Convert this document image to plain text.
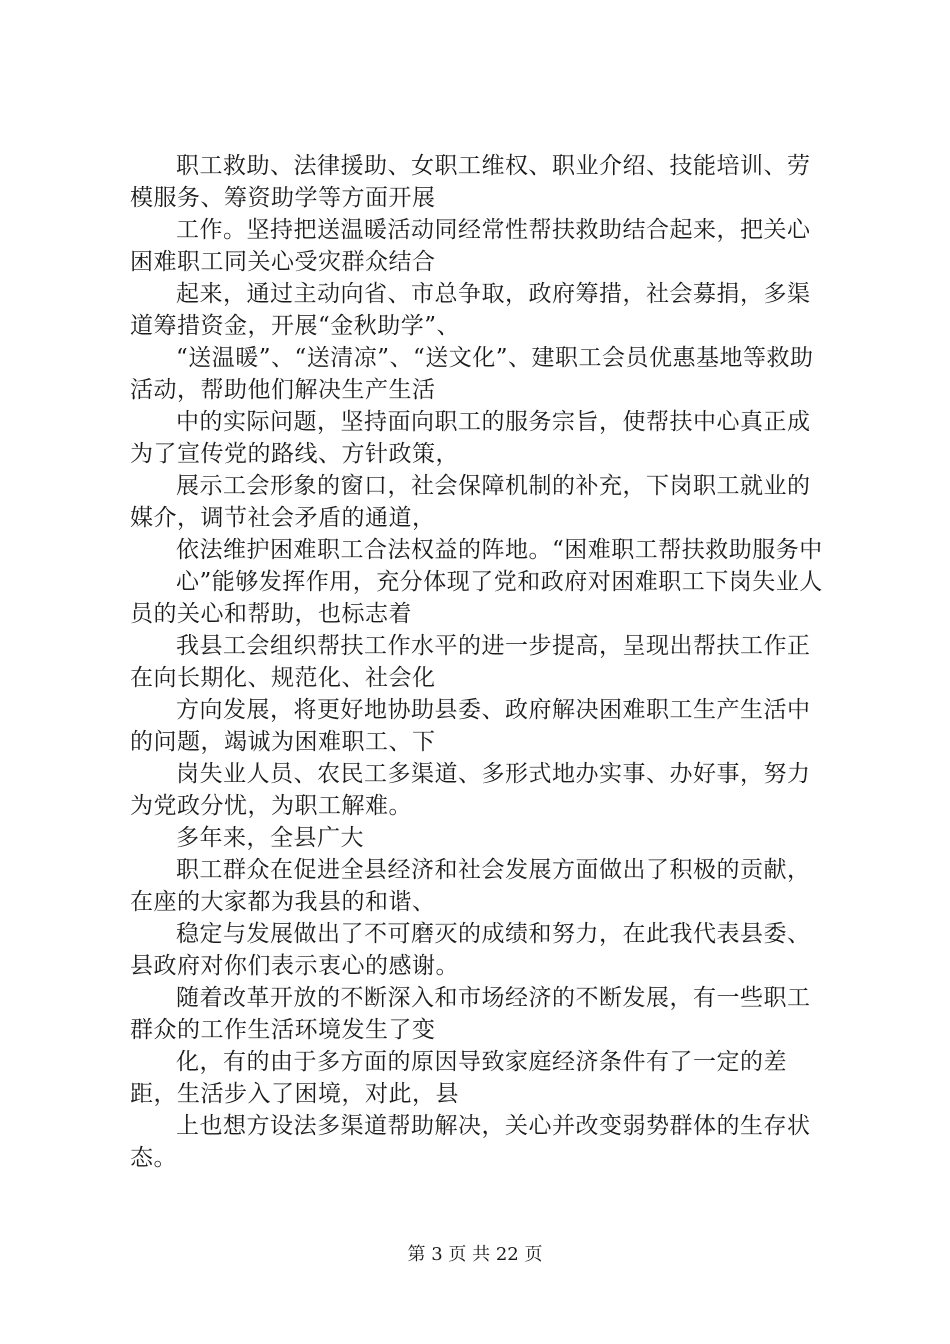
职工救助、法律援助、女职工维权、职业介绍、技能培训、劳模服务、筹资助学等方面开展

工作。坚持把送温暖活动同经常性帮扶救助结合起来，把关心困难职工同关心受灾群众结合

起来，通过主动向省、市总争取，政府筹措，社会募捐，多渠道筹措资金，开展“金秋助学”、

“送温暖”、“送清凉”、“送文化”、建职工会员优惠基地等救助活动，帮助他们解决生产生活

中的实际问题，坚持面向职工的服务宗旨，使帮扶中心真正成为了宣传党的路线、方针政策，

展示工会形象的窗口，社会保障机制的补充，下岗职工就业的媒介，调节社会矛盾的通道，

依法维护困难职工合法权益的阵地。“困难职工帮扶救助服务中

心”能够发挥作用，充分体现了党和政府对困难职工下岗失业人员的关心和帮助，也标志着

我县工会组织帮扶工作水平的进一步提高，呈现出帮扶工作正在向长期化、规范化、社会化

方向发展，将更好地协助县委、政府解决困难职工生产生活中的问题，竭诚为困难职工、下

岗失业人员、农民工多渠道、多形式地办实事、办好事，努力为党政分忧，为职工解难。

多年来，全县广大

职工群众在促进全县经济和社会发展方面做出了积极的贡献，在座的大家都为我县的和谐、

稳定与发展做出了不可磨灭的成绩和努力，在此我代表县委、县政府对你们表示衷心的感谢。

随着改革开放的不断深入和市场经济的不断发展，有一些职工群众的工作生活环境发生了变

化，有的由于多方面的原因导致家庭经济条件有了一定的差距，生活步入了困境，对此，县

上也想方设法多渠道帮助解决，关心并改变弱势群体的生存状态。

第 3 页 共 22 页
